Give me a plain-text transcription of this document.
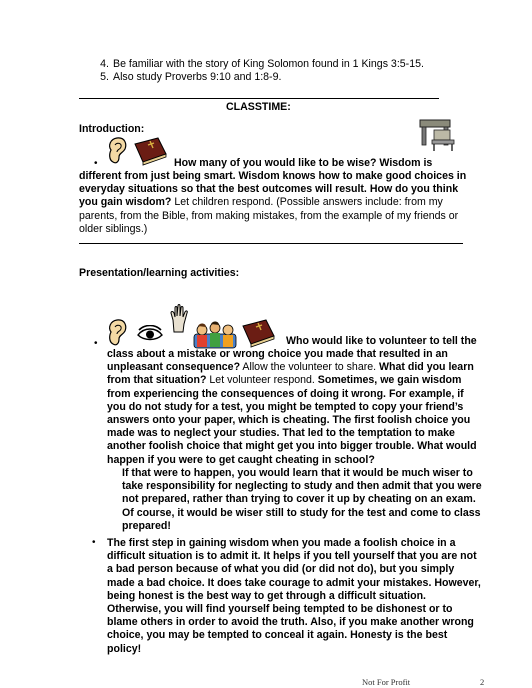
4. Be familiar with the story of King Solomon found in 1 Kings 3:5-15.
5. Also study Proverbs 9:10 and 1:8-9.
CLASSTIME:
Introduction:
•	How many of you would like to be wise? Wisdom is
different from just being smart. Wisdom knows how to make good choices in everyday situations so that the best outcomes will result. How do you think you gain wisdom? Let children respond. (Possible answers include: from my parents, from the Bible, from making mistakes, from the example of my friends or older siblings.)
Presentation/learning activities:
•	Who would like to volunteer to tell the
class about a mistake or wrong choice you made that resulted in an unpleasant consequence? Allow the volunteer to share. What did you learn from that situation? Let volunteer respond. Sometimes, we gain wisdom from experiencing the consequences of doing it wrong. For example, if you do not study for a test, you might be tempted to copy your friend’s answers onto your paper, which is cheating. The first foolish choice you made was to neglect your studies. That led to the temptation to make another foolish choice that might get you into bigger trouble. What would happen if you were to get caught cheating in school?
If that were to happen, you would learn that it would be much wiser to take responsibility for neglecting to study and then admit that you were not prepared, rather than trying to cover it up by cheating on an exam. Of course, it would be wiser still to study for the test and come to class prepared!
• The first step in gaining wisdom when you made a foolish choice in a difficult situation is to admit it. It helps if you tell yourself that you are not a bad person because of what you did (or did not do), but you simply made a bad choice. It does take courage to admit your mistakes. However, being honest is the best way to get through a difficult situation. Otherwise, you will find yourself being tempted to be dishonest or to blame others in order to avoid the truth. Also, if you make another wrong choice, you may be tempted to conceal it again. Honesty is the best policy!
Not For Profit	2
